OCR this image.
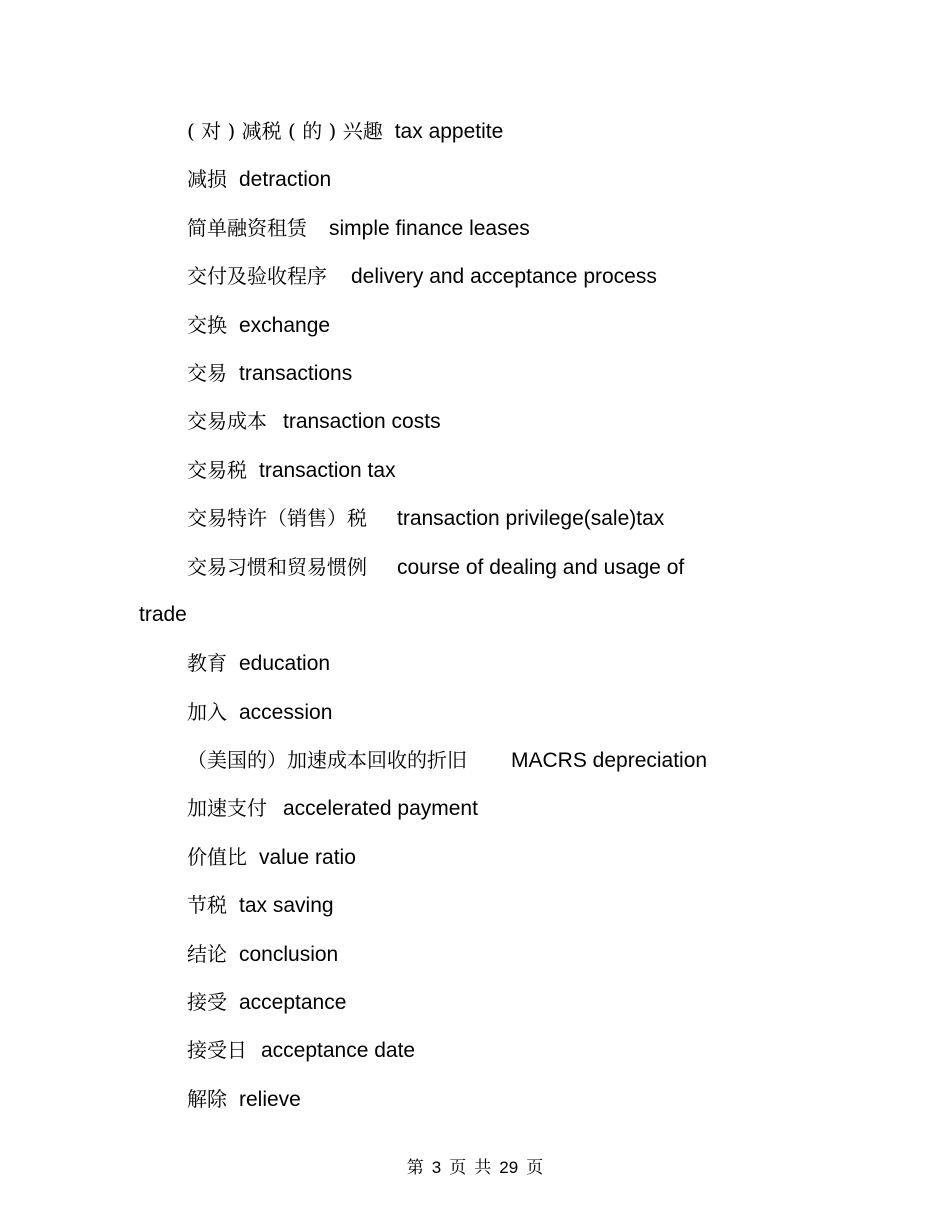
( 对 ) 减税 ( 的 ) 兴趣 tax appetite
减损 detraction
简单融资租赁 simple finance leases
交付及验收程序 delivery and acceptance process
交换 exchange
交易 transactions
交易成本 transaction costs
交易税 transaction tax
交易特许（销售）税 transaction privilege(sale)tax
交易习惯和贸易惯例 course of dealing and usage of
trade
教育 education
加入 accession
（美国的）加速成本回收的折旧 MACRS depreciation
加速支付 accelerated payment
价值比 value ratio
节税 tax saving
结论 conclusion
接受 acceptance
接受日 acceptance date
解除 relieve
第 3 页 共 29 页
